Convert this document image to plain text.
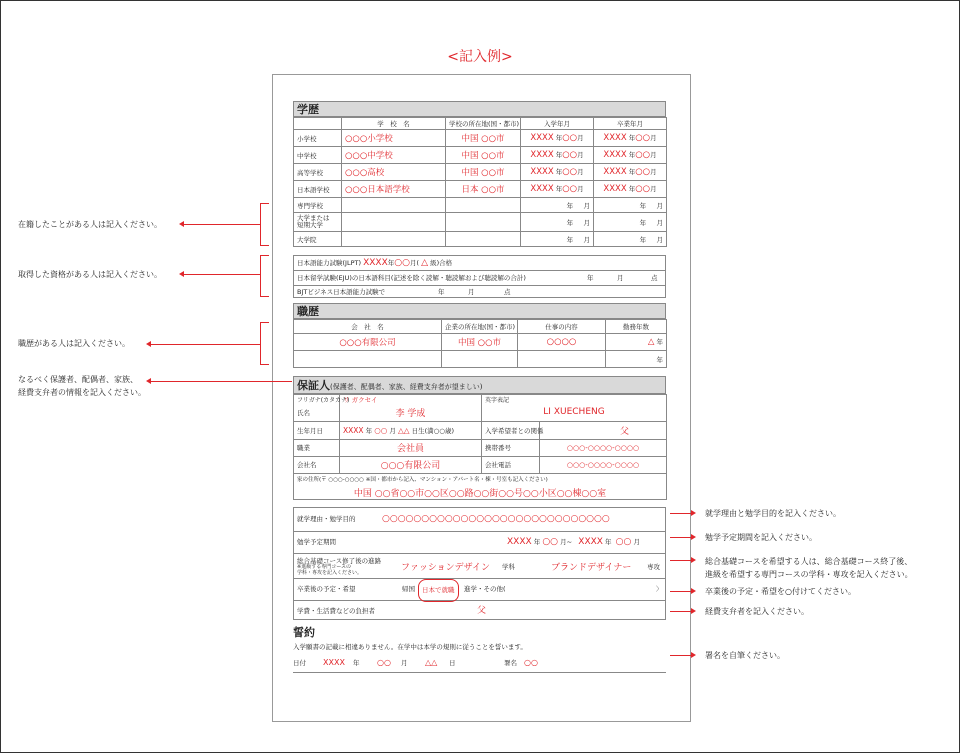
<記入例>
学歴
	学　校　名	学校の所在地(国・都市)	入学年月	卒業年月
小学校	○○○小学校	中国 ○○市	XXXX 年○○月	XXXX 年○○月
中学校	○○○中学校	中国 ○○市	XXXX 年○○月	XXXX 年○○月
高等学校	○○○高校	中国 ○○市	XXXX 年○○月	XXXX 年○○月
日本語学校	○○○日本語学校	日本 ○○市	XXXX 年○○月	XXXX 年○○月
専門学校			年 月	年 月
大学または
短期大学			年 月	年 月
大学院			年 月	年 月
日本語能力試験(JLPT) XXXX年○○月( △ 級)合格
日本留学試験(EJU)の日本語科目(記述を除く読解・聴読解および聴読解の合計)	年	月	点
BJTビジネス日本語能力試験で	年	月	点
職歴
会　社　名	企業の所在地(国・都市)	仕事の内容	勤務年数
○○○有限公司	中国 ○○市	○○○○	△ 年
			年
保証人(保護者、配偶者、家族、経費支弁者が望ましい)
フリガナ(カタカナ)	リ ガクセイ	英字表記	
氏名	李 学成	LI XUECHENG	
生年月日	XXXX 年 ○○ 月 △△ 日生(満○○歳)	入学希望者との関係	父
職業	会社員	携帯番号	○○○-○○○○-○○○○
会社名	○○○有限公司	会社電話	○○○-○○○○-○○○○

家の住所(〒 ○○○-○○○○ ※国・都市から記入、マンション・アパート名・棟・号室も記入ください)
中国 ○○省○○市○○区○○路○○街○○号○○小区○○棟○○室			
就学理由・勉学目的	○○○○○○○○○○○○○○○○○○○○○○○○○○○○○
勉学予定期間	XXXX 年 ○○ 月~ XXXX 年 ○○ 月
総合基礎コース修了後の進路
※進級する専門コースの
学科・専攻を記入ください。	ファッションデザイン 学科	ブランドデザイナー 専攻
卒業後の予定・希望	帰国	日本で就職	進学・その他(	〉
学費・生活費などの負担者	父
誓約
入学願書の記載に相違ありません。在学中は本学の規則に従うことを誓います。
日付 XXXX 年 ○○ 月 △△ 日	署名 ○○
在籍したことがある人は記入ください。
取得した資格がある人は記入ください。
職歴がある人は記入ください。
なるべく保護者、配偶者、家族、
経費支弁者の情報を記入ください。
就学理由と勉学目的を記入ください。
勉学予定期間を記入ください。
総合基礎コースを希望する人は、総合基礎コース終了後、
進級を希望する専門コースの学科・専攻を記入ください。
卒業後の予定・希望を○付けてください。
経費支弁者を記入ください。
署名を自筆ください。
